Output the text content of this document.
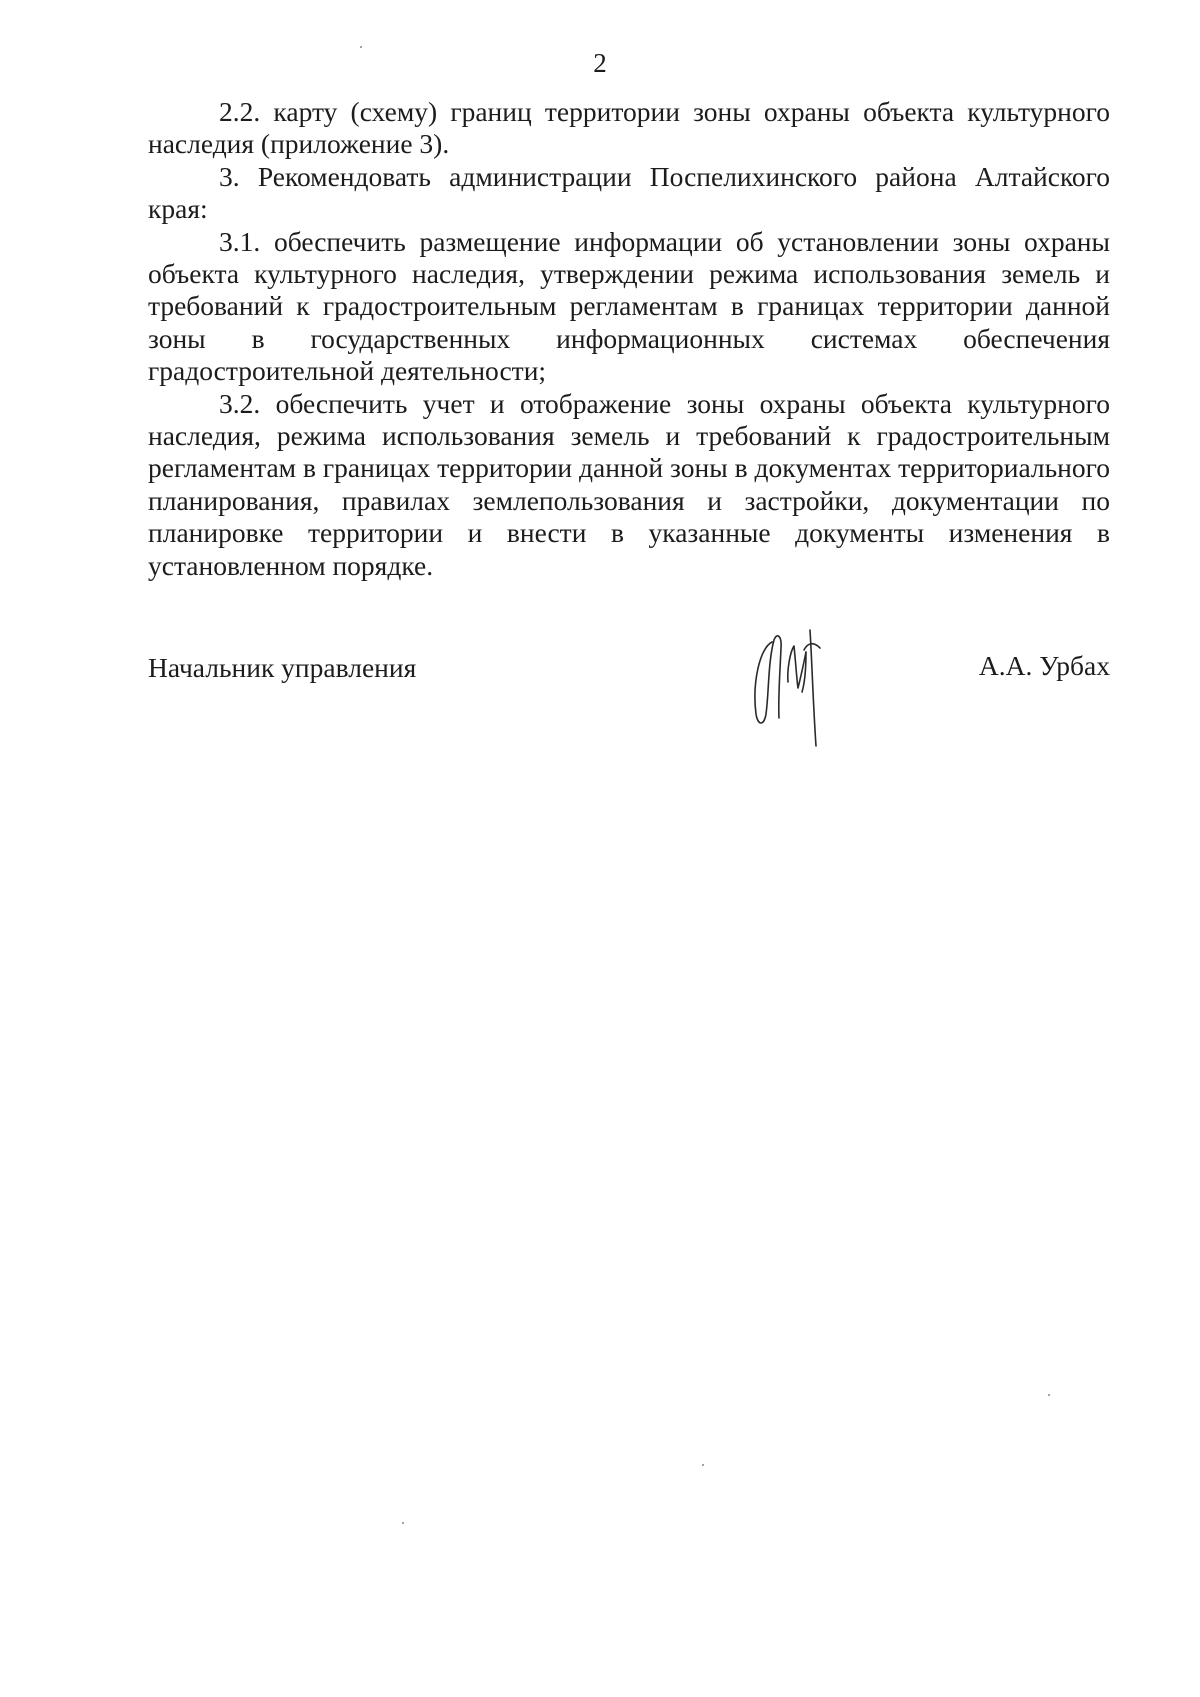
2

2.2. карту (схему) границ территории зоны охраны объекта культурного наследия (приложение 3).

3. Рекомендовать администрации Поспелихинского района Алтайского края:

3.1. обеспечить размещение информации об установлении зоны охраны объекта культурного наследия, утверждении режима использования земель и требований к градостроительным регламентам в границах территории данной зоны в государственных информационных системах обеспечения градостроительной деятельности;

3.2. обеспечить учет и отображение зоны охраны объекта культурного наследия, режима использования земель и требований к градостроительным регламентам в границах территории данной зоны в документах территориального планирования, правилах землепользования и застройки, документации по планировке территории и внести в указанные документы изменения в установленном порядке.

Начальник управления	А.А. Урбах
